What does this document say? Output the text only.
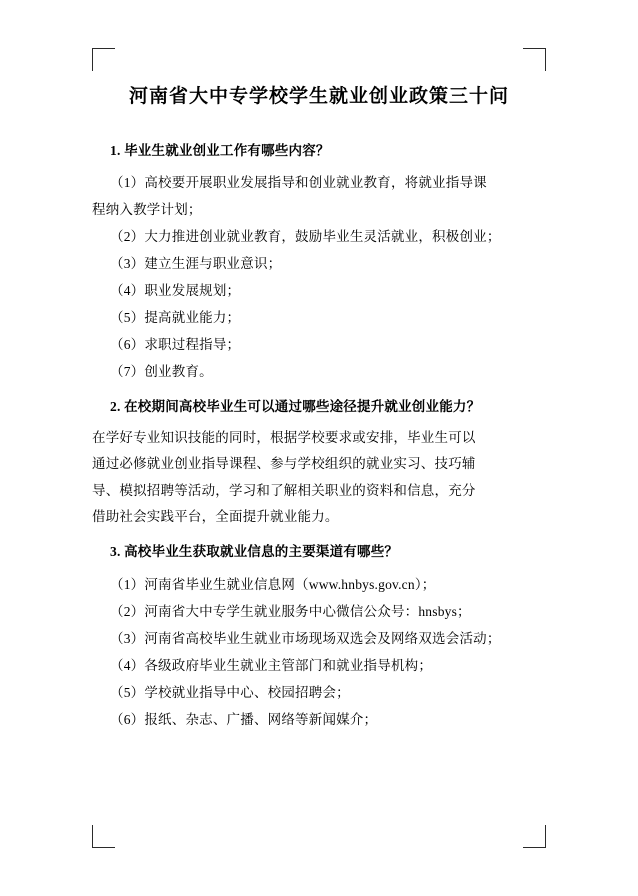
河南省大中专学校学生就业创业政策三十问
1. 毕业生就业创业工作有哪些内容？

（1）高校要开展职业发展指导和创业就业教育，将就业指导课

程纳入教学计划；

（2）大力推进创业就业教育，鼓励毕业生灵活就业，积极创业；

（3）建立生涯与职业意识；

（4）职业发展规划；

（5）提高就业能力；

（6）求职过程指导；

（7）创业教育。

2. 在校期间高校毕业生可以通过哪些途径提升就业创业能力？

在学好专业知识技能的同时，根据学校要求或安排，毕业生可以

通过必修就业创业指导课程、参与学校组织的就业实习、技巧辅

导、模拟招聘等活动，学习和了解相关职业的资料和信息，充分

借助社会实践平台，全面提升就业能力。

3. 高校毕业生获取就业信息的主要渠道有哪些？

（1）河南省毕业生就业信息网（www.hnbys.gov.cn）；

（2）河南省大中专学生就业服务中心微信公众号：hnsbys；

（3）河南省高校毕业生就业市场现场双选会及网络双选会活动；

（4）各级政府毕业生就业主管部门和就业指导机构；

（5）学校就业指导中心、校园招聘会；

（6）报纸、杂志、广播、网络等新闻媒介；
